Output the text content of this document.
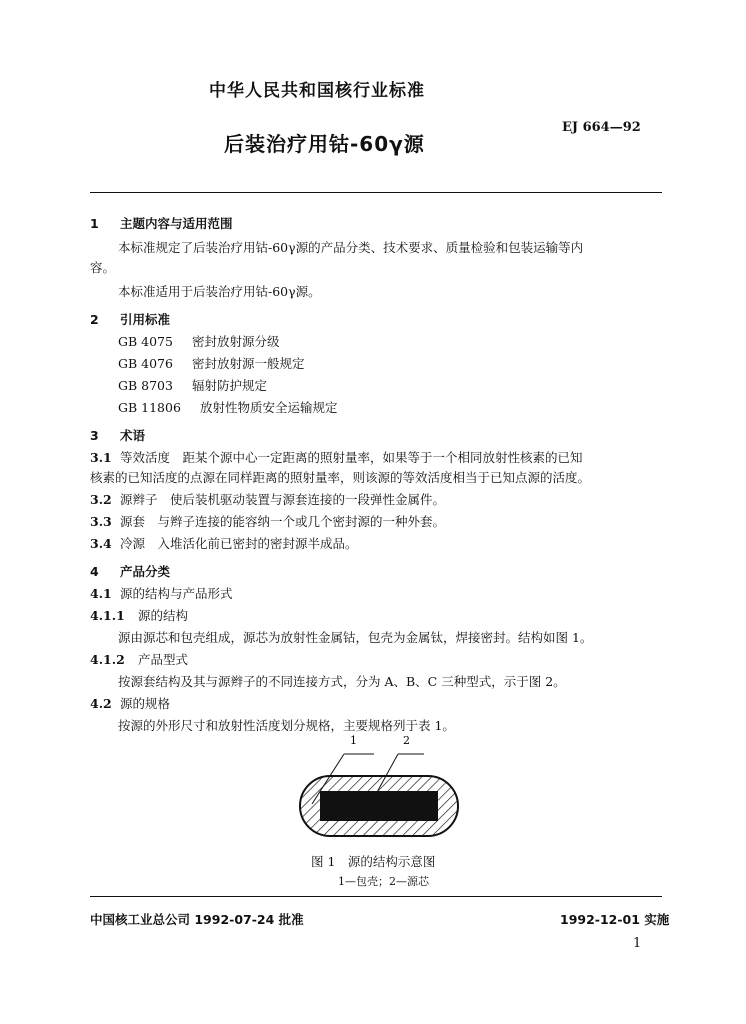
中华人民共和国核行业标准
后装治疗用钴-60γ源
EJ 664—92
1 主题内容与适用范围
本标准规定了后装治疗用钴-60γ源的产品分类、技术要求、质量检验和包装运输等内
容。
本标准适用于后装治疗用钴-60γ源。
2 引用标准
GB 4075 密封放射源分级
GB 4076 密封放射源一般规定
GB 8703 辐射防护规定
GB 11806 放射性物质安全运输规定
3 术语
3.1 等效活度　距某个源中心一定距离的照射量率，如果等于一个相同放射性核素的已知
核素的已知活度的点源在同样距离的照射量率，则该源的等效活度相当于已知点源的活度。
3.2 源辫子　使后装机驱动装置与源套连接的一段弹性金属件。
3.3 源套　与辫子连接的能容纳一个或几个密封源的一种外套。
3.4 冷源　入堆活化前已密封的密封源半成品。
4 产品分类
4.1 源的结构与产品形式
4.1.1 源的结构
源由源芯和包壳组成，源芯为放射性金属钴，包壳为金属钛，焊接密封。结构如图 1。
4.1.2 产品型式
按源套结构及其与源辫子的不同连接方式，分为 A、B、C 三种型式，示于图 2。
4.2 源的规格
按源的外形尺寸和放射性活度划分规格，主要规格列于表 1。
1	2
图 1　源的结构示意图
1—包壳；2—源芯
中国核工业总公司 1992-07-24 批准	1992-12-01 实施
1
